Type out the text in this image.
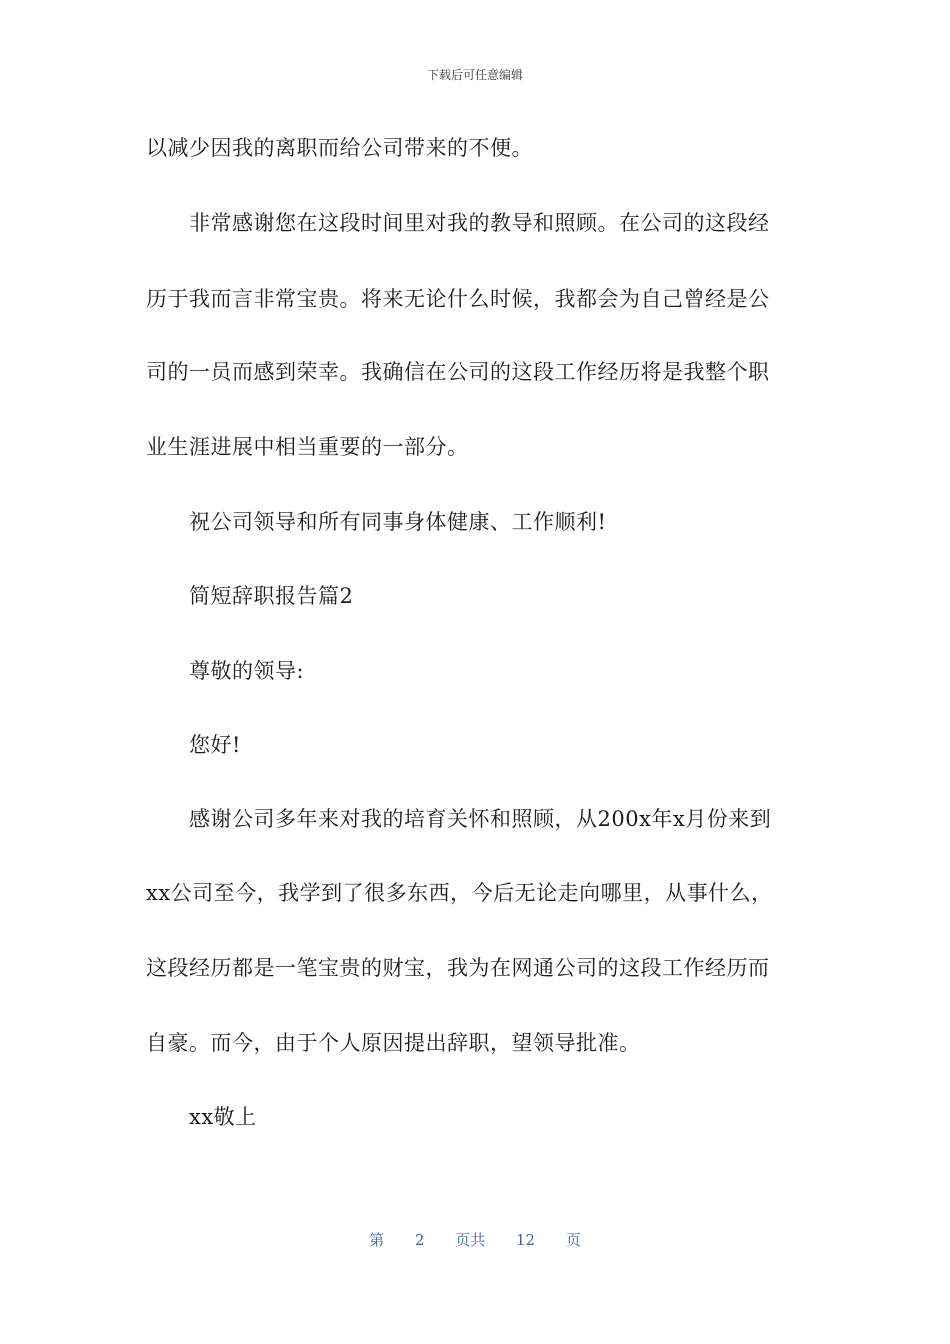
下载后可任意编辑
以减少因我的离职而给公司带来的不便。
非常感谢您在这段时间里对我的教导和照顾。在公司的这段经
历于我而言非常宝贵。将来无论什么时候，我都会为自己曾经是公
司的一员而感到荣幸。我确信在公司的这段工作经历将是我整个职
业生涯进展中相当重要的一部分。
祝公司领导和所有同事身体健康、工作顺利!
简短辞职报告篇2
尊敬的领导:
您好!
感谢公司多年来对我的培育关怀和照顾，从200x年x月份来到
xx公司至今，我学到了很多东西，今后无论走向哪里，从事什么，
这段经历都是一笔宝贵的财宝，我为在网通公司的这段工作经历而
自豪。而今，由于个人原因提出辞职，望领导批准。
xx敬上
第 2 页共 12 页
